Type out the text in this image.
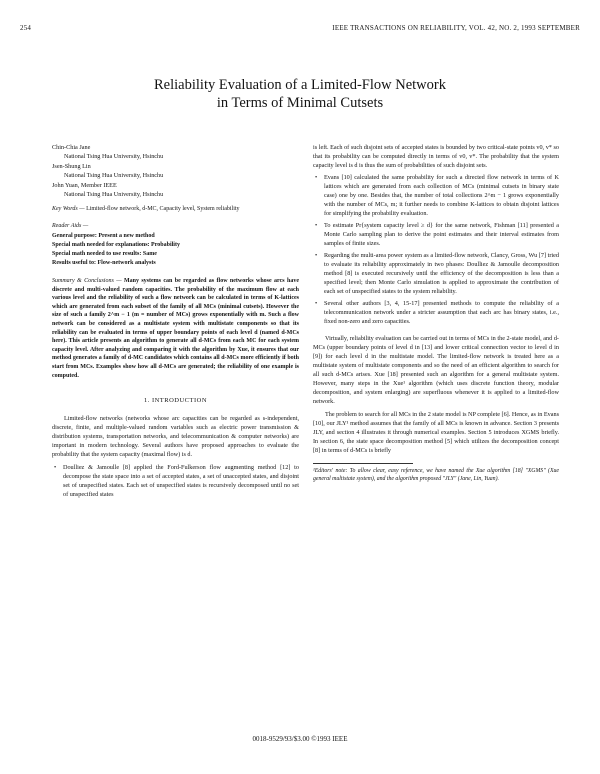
254	IEEE TRANSACTIONS ON RELIABILITY, VOL. 42, NO. 2, 1993 SEPTEMBER
Reliability Evaluation of a Limited-Flow Network
in Terms of Minimal Cutsets
Chin-Chia Jane
National Tsing Hua University, Hsinchu
Jsen-Shung Lin
National Tsing Hua University, Hsinchu
John Yuan, Member IEEE
National Tsing Hua University, Hsinchu
Key Words — Limited-flow network, d-MC, Capacity level, System reliability
Reader Aids —
General purpose: Present a new method
Special math needed for explanations: Probability
Special math needed to use results: Same
Results useful to: Flow-network analysts
Summary & Conclusions — Many systems can be regarded as flow networks whose arcs have discrete and multi-valued random capacities. The probability of the maximum flow at each various level and the reliability of such a flow network can be calculated in terms of K-lattices which are generated from each subset of the family of all MCs (minimal cutsets). However the size of such a family 2^m − 1 (m = number of MCs) grows exponentially with m. Such a flow network can be considered as a multistate system with multistate components so that its reliability can be evaluated in terms of upper boundary points of each level d (named d-MCs here). This article presents an algorithm to generate all d-MCs from each MC for each system capacity level. After analyzing and comparing it with the algorithm by Xue, it ensures that our method generates a family of d-MC candidates which contains all d-MCs more efficiently if both start from MCs. Examples show how all d-MCs are generated; the reliability of one example is computed.
1. INTRODUCTION

Limited-flow networks (networks whose arc capacities can be regarded as s-independent, discrete, finite, and multiple-valued random variables such as electric power transmission & distribution systems, transportation networks, and telecommunication & computer networks) are important in modern technology. Several authors have proposed approaches to evaluate the probability that the system capacity (maximal flow) is d.

• Doulliez & Jamoulle [8] applied the Ford-Fulkerson flow augmenting method [12] to decompose the state space into a set of accepted states, a set of unaccepted states, and disjoint set of unspecified states. Each set of unspecified states is recursively decomposed until no set of unspecified states
is left. Each of such disjoint sets of accepted states is bounded by two critical-state points v0, v* so that its probability can be computed directly in terms of v0, v*. The probability that the system capacity level is d is thus the sum of probabilities of such disjoint sets.
• Evans [10] calculated the same probability for such a directed flow network in terms of K lattices which are generated from each collection of MCs (minimal cutsets in binary state case) one by one. Besides that, the number of total collections 2^m − 1 grows exponentially with the number of MCs, m; it further needs to combine K-lattices to obtain disjoint lattices for simplifying the probability evaluation.
• To estimate Pr{system capacity level ≥ d} for the same network, Fishman [11] presented a Monte Carlo sampling plan to derive the point estimates and their interval estimates from samples of finite sizes.
• Regarding the multi-area power system as a limited-flow network, Clancy, Gross, Wu [7] tried to evaluate its reliability approximately in two phases: Doulliez & Jamoulle decomposition method [8] is executed recursively until the efficiency of the decomposition is less than a specified level; then Monte Carlo simulation is applied to approximate the contribution of each set of unspecified states to the system reliability.
• Several other authors [3, 4, 15-17] presented methods to compute the reliability of a telecommunication network under a stricter assumption that each arc has binary states, i.e., fixed non-zero and zero capacities.

Virtually, reliability evaluation can be carried out in terms of MCs in the 2-state model, and d-MCs (upper boundary points of level d in [13] and lower critical connection vector to level d in [9]) for each level d in the multistate model. The limited-flow network is treated here as a multistate system of multistate components and so the need of an efficient algorithm to search for all such d-MCs arises. Xue [18] presented such an algorithm for a general multistate system. However, many steps in the Xue¹ algorithm (which uses discrete function theory, modular decomposition, and system enlarging) are superfluous whenever it is applied to a limited-flow network.

The problem to search for all MCs in the 2 state model is NP complete [6]. Hence, as in Evans [10], our JLY¹ method assumes that the family of all MCs is known in advance. Section 3 presents JLY, and section 4 illustrates it through numerical examples. Section 5 introduces XGMS briefly. In section 6, the state space decomposition method [5] which utilizes the decomposition concept [8] in terms of d-MCs is briefly

¹Editors' note: To allow clear, easy reference, we have named the Xue algorithm [18] "XGMS" (Xue general multistate system), and the algorithm proposed "JLY" (Jane, Lin, Yuan).
0018-9529/93/$3.00 ©1993 IEEE
